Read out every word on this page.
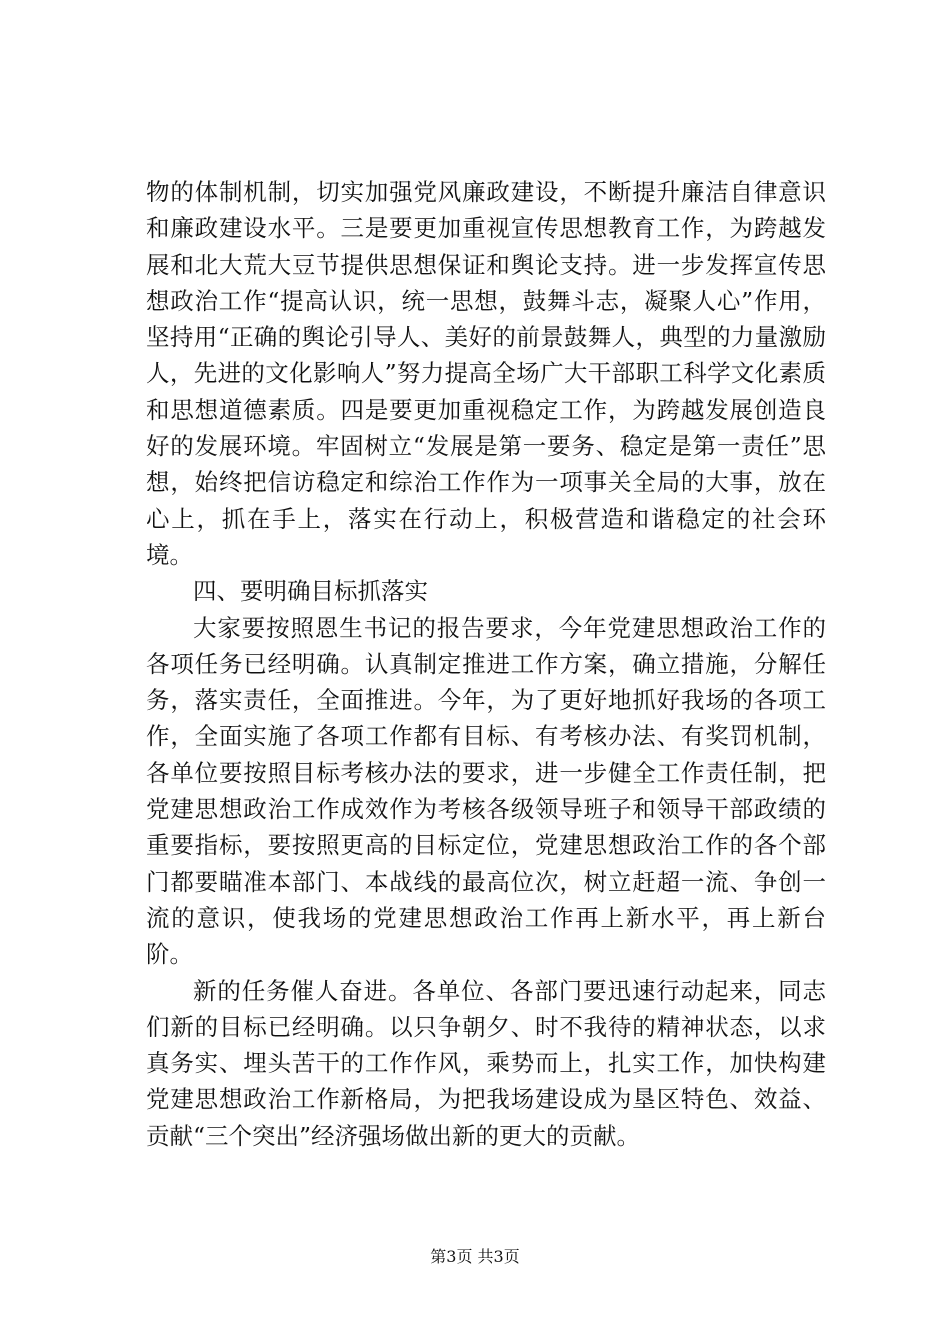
物的体制机制，切实加强党风廉政建设，不断提升廉洁自律意识和廉政建设水平。三是要更加重视宣传思想教育工作，为跨越发展和北大荒大豆节提供思想保证和舆论支持。进一步发挥宣传思想政治工作“提高认识，统一思想，鼓舞斗志，凝聚人心”作用，坚持用“正确的舆论引导人、美好的前景鼓舞人，典型的力量激励人，先进的文化影响人”努力提高全场广大干部职工科学文化素质和思想道德素质。四是要更加重视稳定工作，为跨越发展创造良好的发展环境。牢固树立“发展是第一要务、稳定是第一责任”思想，始终把信访稳定和综治工作作为一项事关全局的大事，放在心上，抓在手上，落实在行动上，积极营造和谐稳定的社会环境。

四、要明确目标抓落实

大家要按照恩生书记的报告要求，今年党建思想政治工作的各项任务已经明确。认真制定推进工作方案，确立措施，分解任务，落实责任，全面推进。今年，为了更好地抓好我场的各项工作，全面实施了各项工作都有目标、有考核办法、有奖罚机制，各单位要按照目标考核办法的要求，进一步健全工作责任制，把党建思想政治工作成效作为考核各级领导班子和领导干部政绩的重要指标，要按照更高的目标定位，党建思想政治工作的各个部门都要瞄准本部门、本战线的最高位次，树立赶超一流、争创一流的意识，使我场的党建思想政治工作再上新水平，再上新台阶。

新的任务催人奋进。各单位、各部门要迅速行动起来，同志们新的目标已经明确。以只争朝夕、时不我待的精神状态，以求真务实、埋头苦干的工作作风，乘势而上，扎实工作，加快构建党建思想政治工作新格局，为把我场建设成为垦区特色、效益、贡献“三个突出”经济强场做出新的更大的贡献。

第3页 共3页
